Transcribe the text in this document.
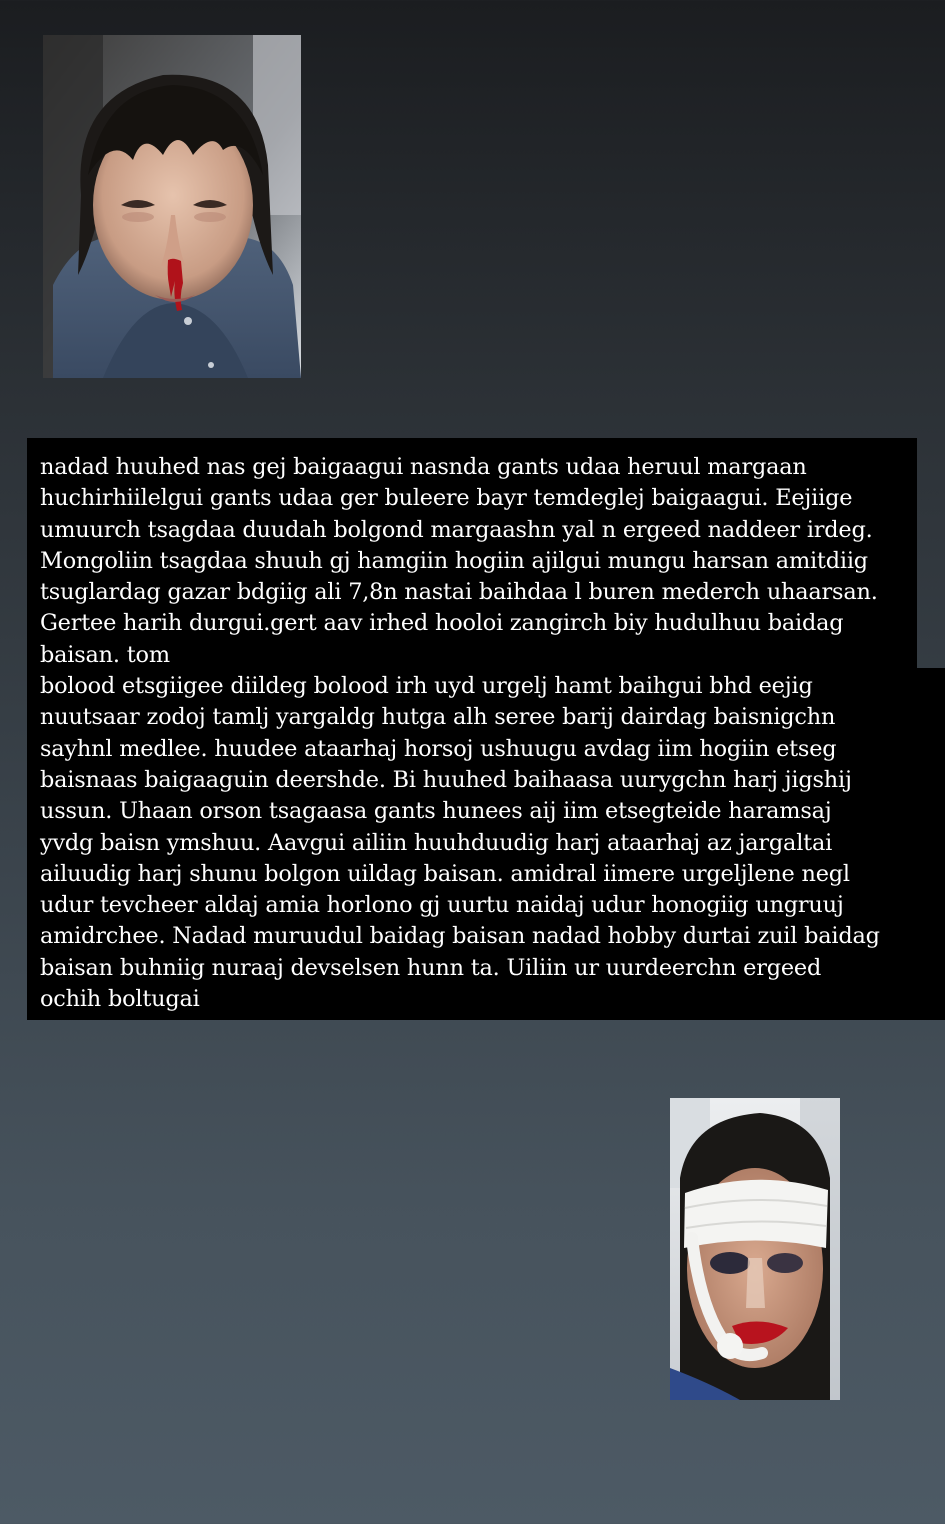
nadad huuhed nas gej baigaagui nasnda gants udaa heruul margaan
huchirhiilelgui gants udaa ger buleere bayr temdeglej baigaagui. Eejiige
umuurch tsagdaa duudah bolgond margaashn yal n ergeed naddeer irdeg.
Mongoliin tsagdaa shuuh gj hamgiin hogiin ajilgui mungu harsan amitdiig
tsuglardag gazar bdgiig ali 7,8n nastai baihdaa l buren mederch uhaarsan.
Gertee harih durgui.gert aav irhed hooloi zangirch biy hudulhuu baidag
baisan. tom
bolood etsgiigee diildeg bolood irh uyd urgelj hamt baihgui bhd eejig
nuutsaar zodoj tamlj yargaldg hutga alh seree barij dairdag baisnigchn
sayhnl medlee. huudee ataarhaj horsoj ushuugu avdag iim hogiin etseg
baisnaas baigaaguin deershde. Bi huuhed baihaasa uurygchn harj jigshij
ussun. Uhaan orson tsagaasa gants hunees aij iim etsegteide haramsaj
yvdg baisn ymshuu. Aavgui ailiin huuhduudig harj ataarhaj az jargaltai
ailuudig harj shunu bolgon uildag baisan. amidral iimere urgeljlene negl
udur tevcheer aldaj amia horlono gj uurtu naidaj udur honogiig ungruuj
amidrchee. Nadad muruudul baidag baisan nadad hobby durtai zuil baidag
baisan buhniig nuraaj devselsen hunn ta. Uiliin ur uurdeerchn ergeed
ochih boltugai
